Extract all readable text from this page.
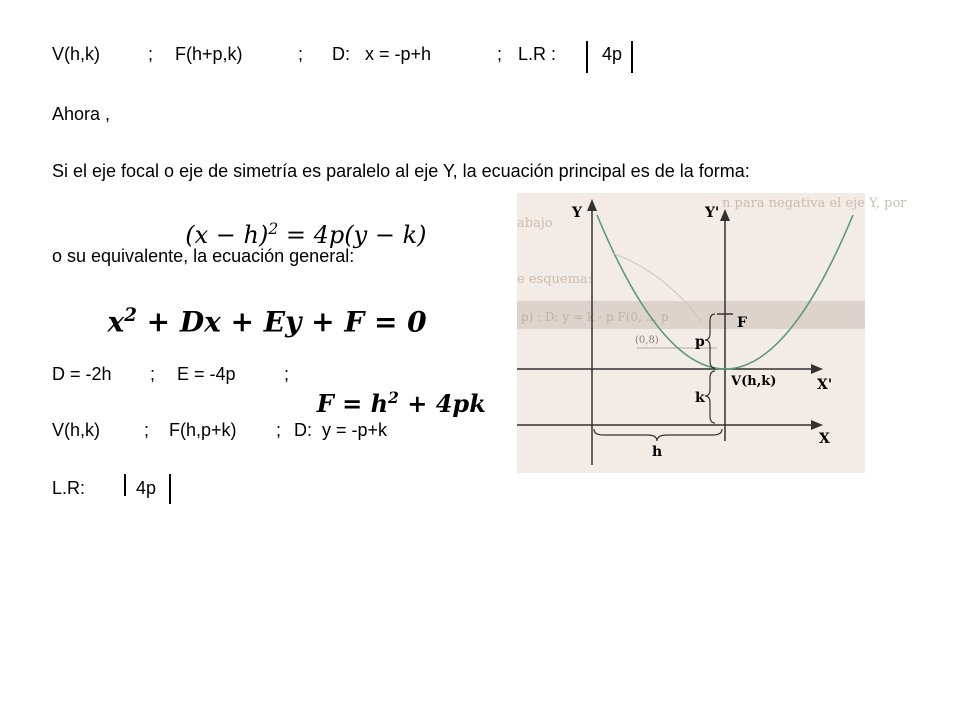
V(h,k)	; F(h+p,k)	; D:   x = -p+h	; L.R :	4p
Ahora ,
Si el eje focal o eje de simetría es paralelo al eje Y, la ecuación principal es de la forma:

$(x - h)^2 = 4p(y - k)$

o su equivalente, la ecuación general:

$x^2 + Dx + Ey + F = 0$

D = -2h ; E = -4p	;

$F = h^2 + 4pk$

V(h,k) ; F(h,p+k) ; D:  y = -p+k
L.R:	4p
n para negativa el eje Y, por
abajo
e esquema:
p) : D: y = k - p F(0, ... p
(0,8)
F
p
k
h
Y	Y'
V(h,k)	X'
X
